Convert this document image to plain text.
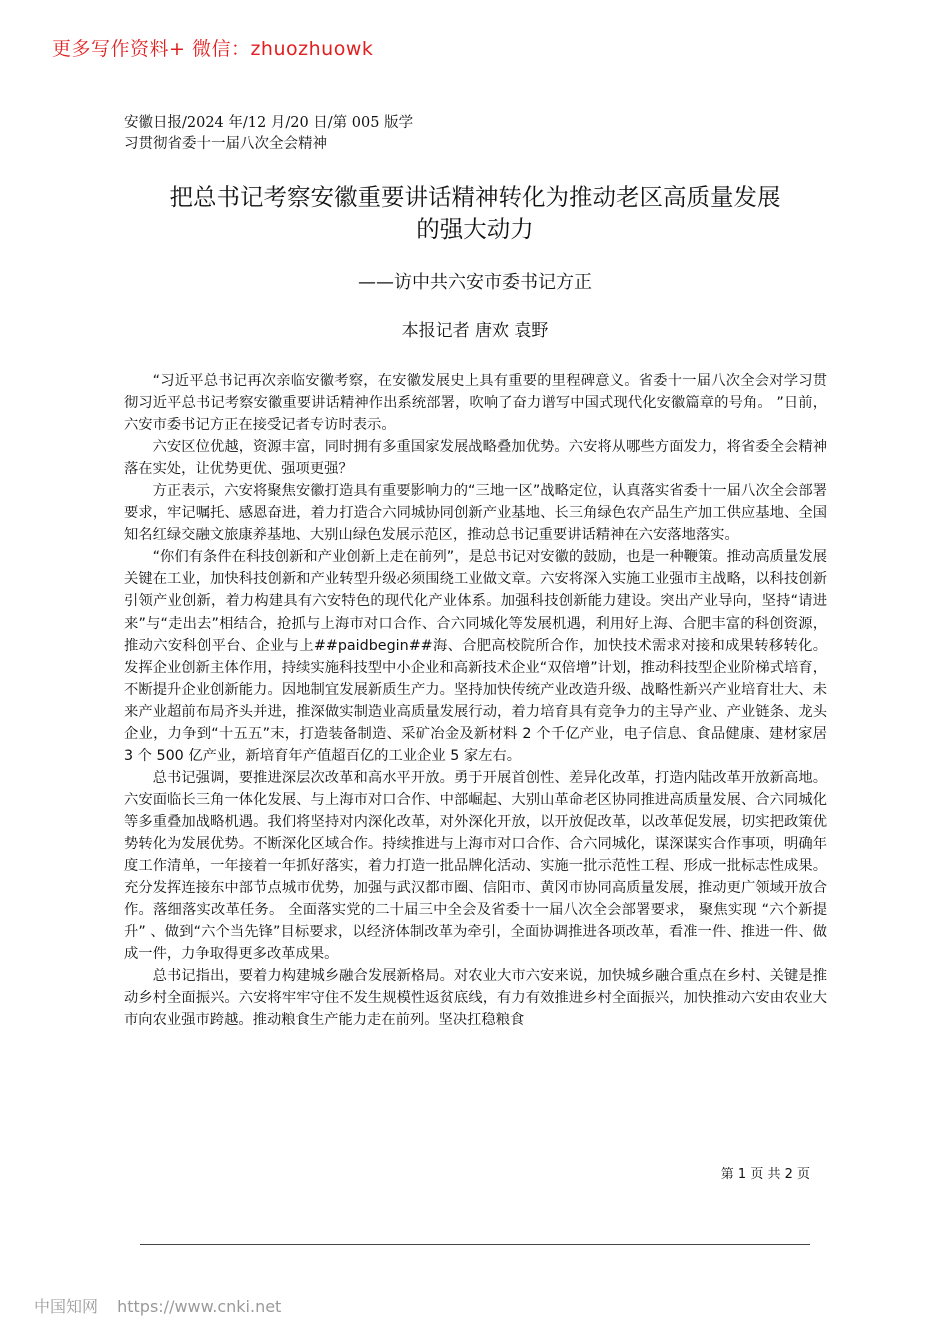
更多写作资料+ 微信：zhuozhuowk
安徽日报/2024 年/12 月/20 日/第 005 版学习贯彻省委十一届八次全会精神
把总书记考察安徽重要讲话精神转化为推动老区高质量发展
的强大动力
——访中共六安市委书记方正
本报记者 唐欢 袁野

“习近平总书记再次亲临安徽考察，在安徽发展史上具有重要的里程碑意义。省委十一届八次全会对学习贯彻习近平总书记考察安徽重要讲话精神作出系统部署，吹响了奋力谱写中国式现代化安徽篇章的号角。 ”日前，六安市委书记方正在接受记者专访时表示。

六安区位优越，资源丰富，同时拥有多重国家发展战略叠加优势。六安将从哪些方面发力，将省委全会精神落在实处，让优势更优、强项更强？

方正表示，六安将聚焦安徽打造具有重要影响力的“三地一区”战略定位，认真落实省委十一届八次全会部署要求，牢记嘱托、感恩奋进，着力打造合六同城协同创新产业基地、长三角绿色农产品生产加工供应基地、全国知名红绿交融文旅康养基地、大别山绿色发展示范区，推动总书记重要讲话精神在六安落地落实。

“你们有条件在科技创新和产业创新上走在前列”，是总书记对安徽的鼓励，也是一种鞭策。推动高质量发展关键在工业，加快科技创新和产业转型升级必须围绕工业做文章。六安将深入实施工业强市主战略，以科技创新引领产业创新，着力构建具有六安特色的现代化产业体系。加强科技创新能力建设。突出产业导向，坚持“请进来”与“走出去”相结合，抢抓与上海市对口合作、合六同城化等发展机遇，利用好上海、合肥丰富的科创资源，推动六安科创平台、企业与上##paidbegin##海、合肥高校院所合作，加快技术需求对接和成果转移转化。发挥企业创新主体作用，持续实施科技型中小企业和高新技术企业“双倍增”计划，推动科技型企业阶梯式培育，不断提升企业创新能力。因地制宜发展新质生产力。坚持加快传统产业改造升级、战略性新兴产业培育壮大、未来产业超前布局齐头并进，推深做实制造业高质量发展行动，着力培育具有竞争力的主导产业、产业链条、龙头企业，力争到“十五五”末，打造装备制造、采矿冶金及新材料 2 个千亿产业，电子信息、食品健康、建材家居 3 个 500 亿产业，新培育年产值超百亿的工业企业 5 家左右。

总书记强调，要推进深层次改革和高水平开放。勇于开展首创性、差异化改革，打造内陆改革开放新高地。六安面临长三角一体化发展、与上海市对口合作、中部崛起、大别山革命老区协同推进高质量发展、合六同城化等多重叠加战略机遇。我们将坚持对内深化改革，对外深化开放，以开放促改革，以改革促发展，切实把政策优势转化为发展优势。不断深化区域合作。持续推进与上海市对口合作、合六同城化，谋深谋实合作事项，明确年度工作清单，一年接着一年抓好落实，着力打造一批品牌化活动、实施一批示范性工程、形成一批标志性成果。充分发挥连接东中部节点城市优势，加强与武汉都市圈、信阳市、黄冈市协同高质量发展，推动更广领域开放合作。落细落实改革任务。 全面落实党的二十届三中全会及省委十一届八次全会部署要求， 聚焦实现 “六个新提升” 、做到“六个当先锋”目标要求，以经济体制改革为牵引，全面协调推进各项改革，看准一件、推进一件、做成一件，力争取得更多改革成果。

总书记指出，要着力构建城乡融合发展新格局。对农业大市六安来说，加快城乡融合重点在乡村、关键是推动乡村全面振兴。六安将牢牢守住不发生规模性返贫底线，有力有效推进乡村全面振兴，加快推动六安由农业大市向农业强市跨越。推动粮食生产能力走在前列。坚决扛稳粮食

第 1 页 共 2 页
中国知网 https://www.cnki.net
